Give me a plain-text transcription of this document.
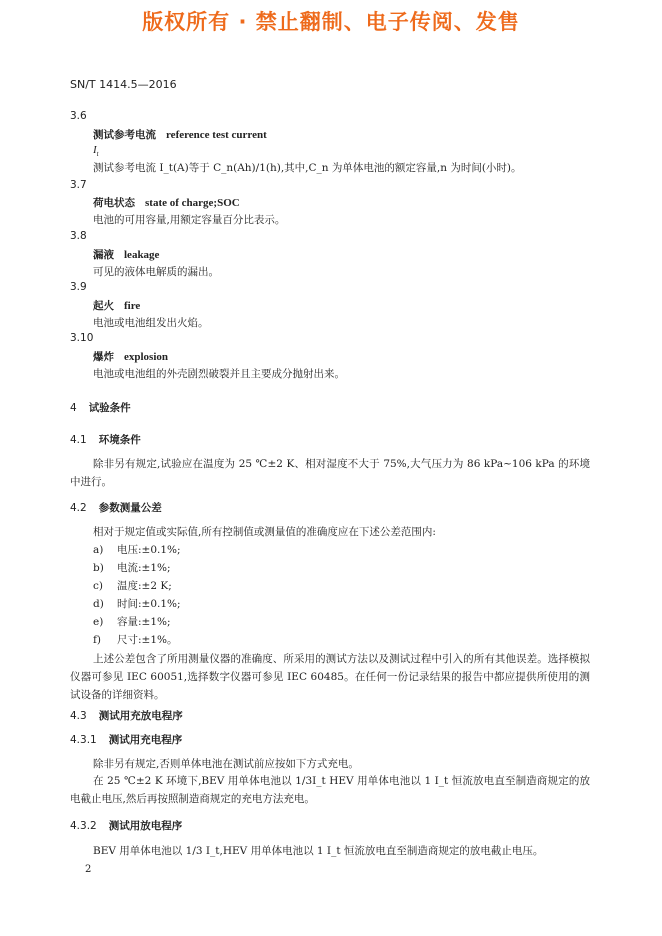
版权所有 · 禁止翻制、电子传阅、发售
SN/T 1414.5—2016
3.6
测试参考电流 reference test current
$I_t$
测试参考电流 I_t(A)等于 C_n(Ah)/1(h),其中,C_n 为单体电池的额定容量,n 为时间(小时)。
3.7
荷电状态 state of charge;SOC
电池的可用容量,用额定容量百分比表示。
3.8
漏液 leakage
可见的液体电解质的漏出。
3.9
起火 fire
电池或电池组发出火焰。
3.10
爆炸 explosion
电池或电池组的外壳剧烈破裂并且主要成分抛射出来。
4 试验条件
4.1 环境条件
除非另有规定,试验应在温度为 25 ℃±2 K、相对湿度不大于 75%,大气压力为 86 kPa~106 kPa 的环境中进行。
4.2 参数测量公差
相对于规定值或实际值,所有控制值或测量值的准确度应在下述公差范围内:
a) 电压:±0.1%;
b) 电流:±1%;
c) 温度:±2 K;
d) 时间:±0.1%;
e) 容量:±1%;
f) 尺寸:±1%。
上述公差包含了所用测量仪器的准确度、所采用的测试方法以及测试过程中引入的所有其他误差。选择模拟仪器可参见 IEC 60051,选择数字仪器可参见 IEC 60485。在任何一份记录结果的报告中都应提供所使用的测试设备的详细资料。
4.3 测试用充放电程序
4.3.1 测试用充电程序
除非另有规定,否则单体电池在测试前应按如下方式充电。
在 25 ℃±2 K 环境下,BEV 用单体电池以 1/3I_t HEV 用单体电池以 1 I_t 恒流放电直至制造商规定的放电截止电压,然后再按照制造商规定的充电方法充电。
4.3.2 测试用放电程序
BEV 用单体电池以 1/3 I_t,HEV 用单体电池以 1 I_t 恒流放电直至制造商规定的放电截止电压。
2
